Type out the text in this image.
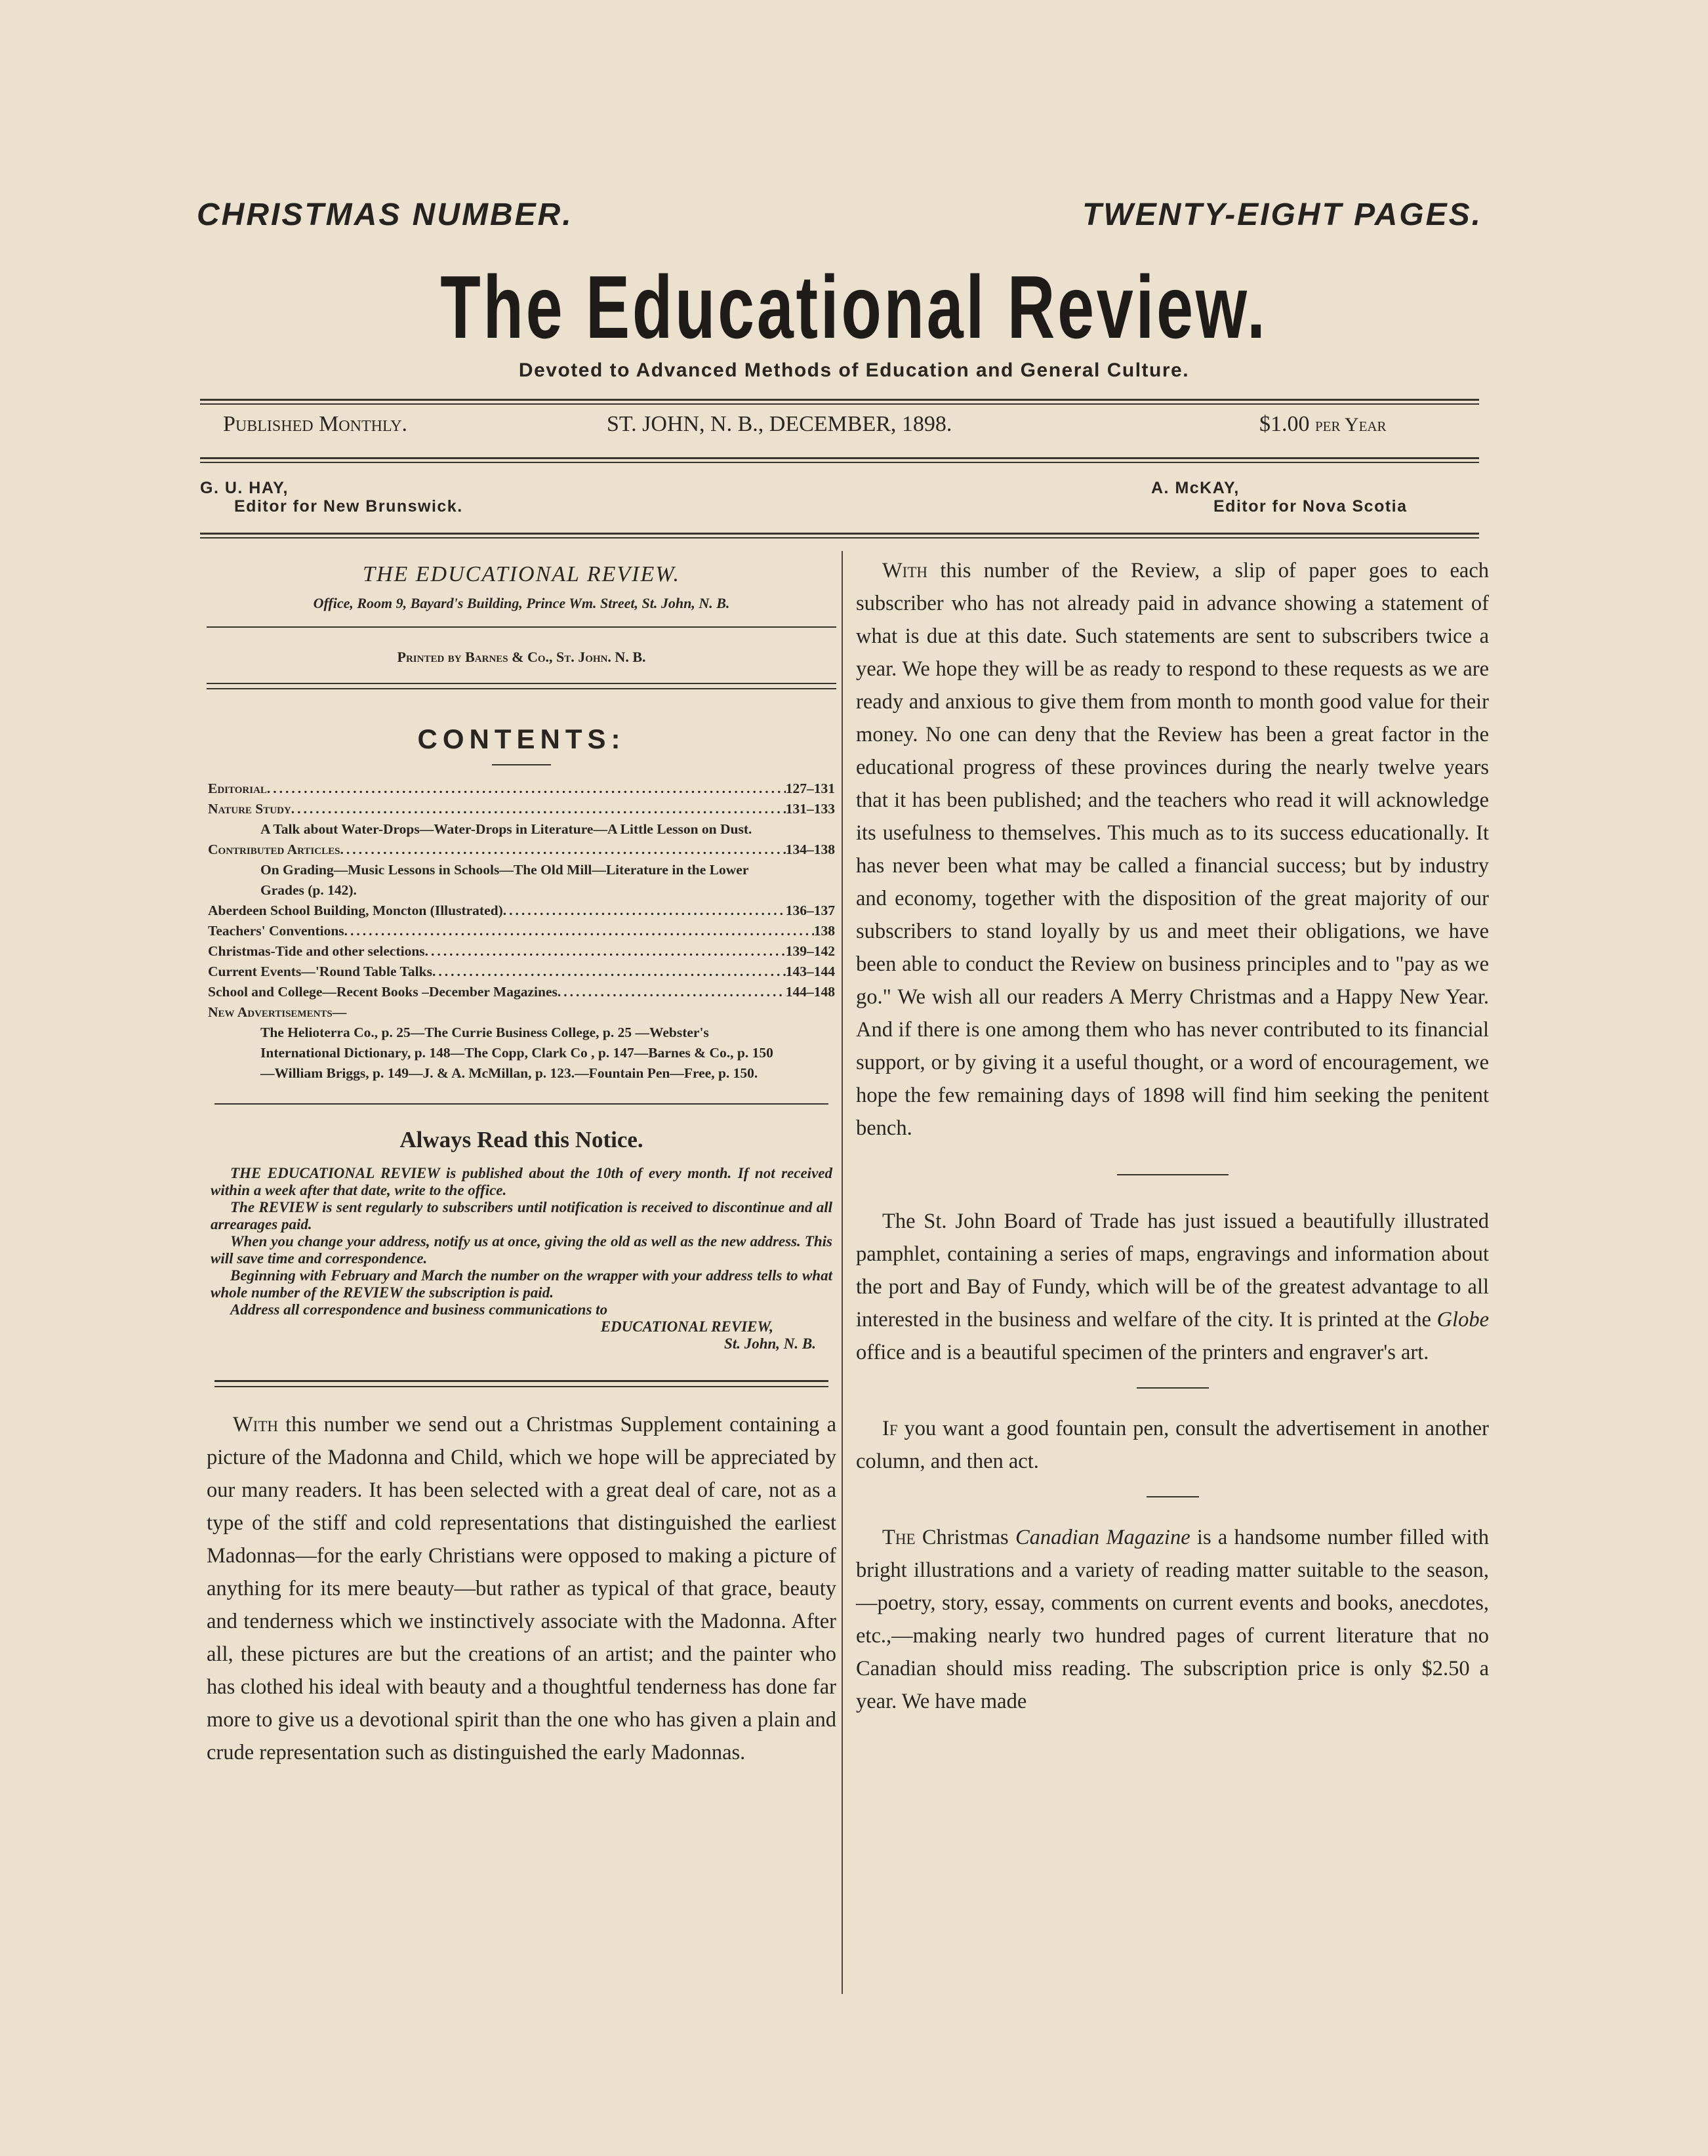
CHRISTMAS NUMBER.	TWENTY-EIGHT PAGES.
The Educational Review.
Devoted to Advanced Methods of Education and General Culture.
Published Monthly.	ST. JOHN, N. B., DECEMBER, 1898.	$1.00 per Year
G. U. HAY,
Editor for New Brunswick.
A. McKAY,
Editor for Nova Scotia
THE EDUCATIONAL REVIEW.
Office, Room 9, Bayard's Building, Prince Wm. Street, St. John, N. B.
Printed by Barnes & Co., St. John. N. B.
CONTENTS:
Editorial .....	127–131
Nature Study .....	131–133
A Talk about Water-Drops—Water-Drops in Literature—A Little Lesson on Dust.
Contributed Articles .....	134–138
On Grading—Music Lessons in Schools—The Old Mill—Literature in the Lower Grades (p. 142).
Aberdeen School Building, Moncton (Illustrated) .....	136–137
Teachers' Conventions .....	138
Christmas-Tide and other selections .....	139–142
Current Events—'Round Table Talks .....	143–144
School and College—Recent Books –December Magazines .....	144–148
New Advertisements—
The Helioterra Co., p. 25—The Currie Business College, p. 25 —Webster's International Dictionary, p. 148—The Copp, Clark Co , p. 147—Barnes & Co., p. 150—William Briggs, p. 149—J. & A. McMillan, p. 123.—Fountain Pen—Free, p. 150.
Always Read this Notice.

THE EDUCATIONAL REVIEW is published about the 10th of every month. If not received within a week after that date, write to the office.

The REVIEW is sent regularly to subscribers until notification is received to discontinue and all arrearages paid.

When you change your address, notify us at once, giving the old as well as the new address. This will save time and correspondence.

Beginning with February and March the number on the wrapper with your address tells to what whole number of the REVIEW the subscription is paid.

Address all correspondence and business communications to

EDUCATIONAL REVIEW,
St. John, N. B.

With this number we send out a Christmas Supplement containing a picture of the Madonna and Child, which we hope will be appreciated by our many readers. It has been selected with a great deal of care, not as a type of the stiff and cold representations that distinguished the earliest Madonnas—for the early Christians were opposed to making a picture of anything for its mere beauty—but rather as typical of that grace, beauty and tenderness which we instinctively associate with the Madonna. After all, these pictures are but the creations of an artist; and the painter who has clothed his ideal with beauty and a thoughtful tenderness has done far more to give us a devotional spirit than the one who has given a plain and crude representation such as distinguished the early Madonnas.

With this number of the Review, a slip of paper goes to each subscriber who has not already paid in advance showing a statement of what is due at this date. Such statements are sent to subscribers twice a year. We hope they will be as ready to respond to these requests as we are ready and anxious to give them from month to month good value for their money. No one can deny that the Review has been a great factor in the educational progress of these provinces during the nearly twelve years that it has been published; and the teachers who read it will acknowledge its usefulness to themselves. This much as to its success educationally. It has never been what may be called a financial success; but by industry and economy, together with the disposition of the great majority of our subscribers to stand loyally by us and meet their obligations, we have been able to conduct the Review on business principles and to "pay as we go." We wish all our readers A Merry Christmas and a Happy New Year. And if there is one among them who has never contributed to its financial support, or by giving it a useful thought, or a word of encouragement, we hope the few remaining days of 1898 will find him seeking the penitent bench.

The St. John Board of Trade has just issued a beautifully illustrated pamphlet, containing a series of maps, engravings and information about the port and Bay of Fundy, which will be of the greatest advantage to all interested in the business and welfare of the city. It is printed at the Globe office and is a beautiful specimen of the printers and engraver's art.

If you want a good fountain pen, consult the advertisement in another column, and then act.

The Christmas Canadian Magazine is a handsome number filled with bright illustrations and a variety of reading matter suitable to the season,—poetry, story, essay, comments on current events and books, anecdotes, etc.,—making nearly two hundred pages of current literature that no Canadian should miss reading. The subscription price is only $2.50 a year. We have made
